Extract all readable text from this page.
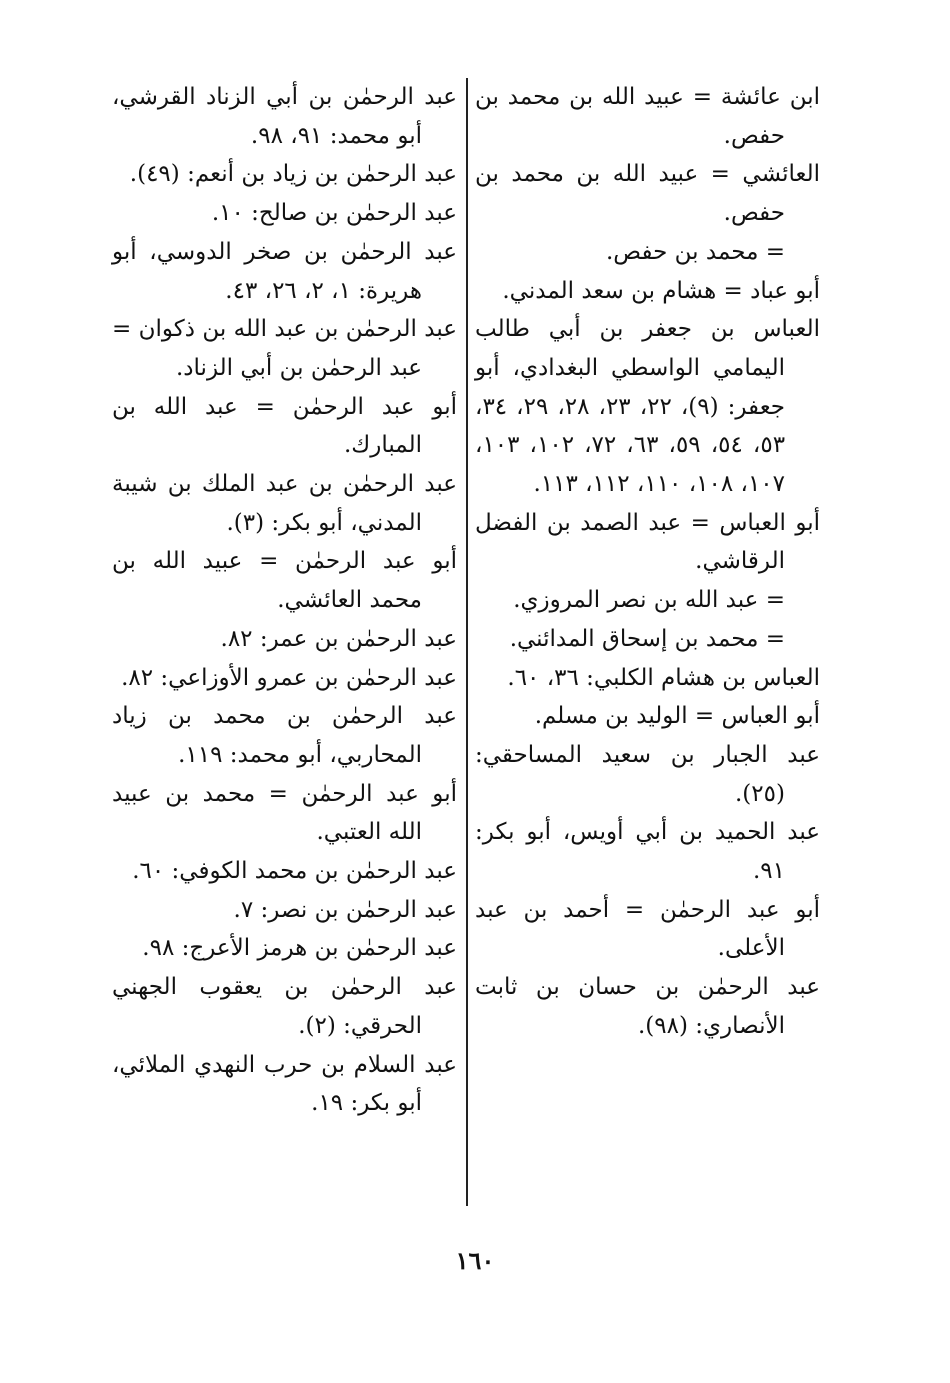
ابن عائشة = عبيد الله بن محمد بن حفص.

العائشي = عبيد الله بن محمد بن حفص.

= محمد بن حفص.

أبو عباد = هشام بن سعد المدني.

العباس بن جعفر بن أبي طالب اليمامي الواسطي البغدادي، أبو جعفر: (٩)، ٢٢، ٢٣، ٢٨، ٢٩، ٣٤، ٥٣، ٥٤، ٥٩، ٦٣، ٧٢، ١٠٢، ١٠٣، ١٠٧، ١٠٨، ١١٠، ١١٢، ١١٣.

أبو العباس = عبد الصمد بن الفضل الرقاشي.

= عبد الله بن نصر المروزي.

= محمد بن إسحاق المدائني.

العباس بن هشام الكلبي: ٣٦، ٦٠.

أبو العباس = الوليد بن مسلم.

عبد الجبار بن سعيد المساحقي: (٢٥).

عبد الحميد بن أبي أويس، أبو بكر: ٩١.

أبو عبد الرحمٰن = أحمد بن عبد الأعلى.

عبد الرحمٰن بن حسان بن ثابت الأنصاري: (٩٨).

عبد الرحمٰن بن أبي الزناد القرشي، أبو محمد: ٩١، ٩٨.

عبد الرحمٰن بن زياد بن أنعم: (٤٩).

عبد الرحمٰن بن صالح: ١٠.

عبد الرحمٰن بن صخر الدوسي، أبو هريرة: ١، ٢، ٢٦، ٤٣.

عبد الرحمٰن بن عبد الله بن ذكوان = عبد الرحمٰن بن أبي الزناد.

أبو عبد الرحمٰن = عبد الله بن المبارك.

عبد الرحمٰن بن عبد الملك بن شيبة المدني، أبو بكر: (٣).

أبو عبد الرحمٰن = عبيد الله بن محمد العائشي.

عبد الرحمٰن بن عمر: ٨٢.

عبد الرحمٰن بن عمرو الأوزاعي: ٨٢.

عبد الرحمٰن بن محمد بن زياد المحاربي، أبو محمد: ١١٩.

أبو عبد الرحمٰن = محمد بن عبيد الله العتبي.

عبد الرحمٰن بن محمد الكوفي: ٦٠.

عبد الرحمٰن بن نصر: ٧.

عبد الرحمٰن بن هرمز الأعرج: ٩٨.

عبد الرحمٰن بن يعقوب الجهني الحرقي: (٢).

عبد السلام بن حرب النهدي الملائي، أبو بكر: ١٩.

١٦٠
